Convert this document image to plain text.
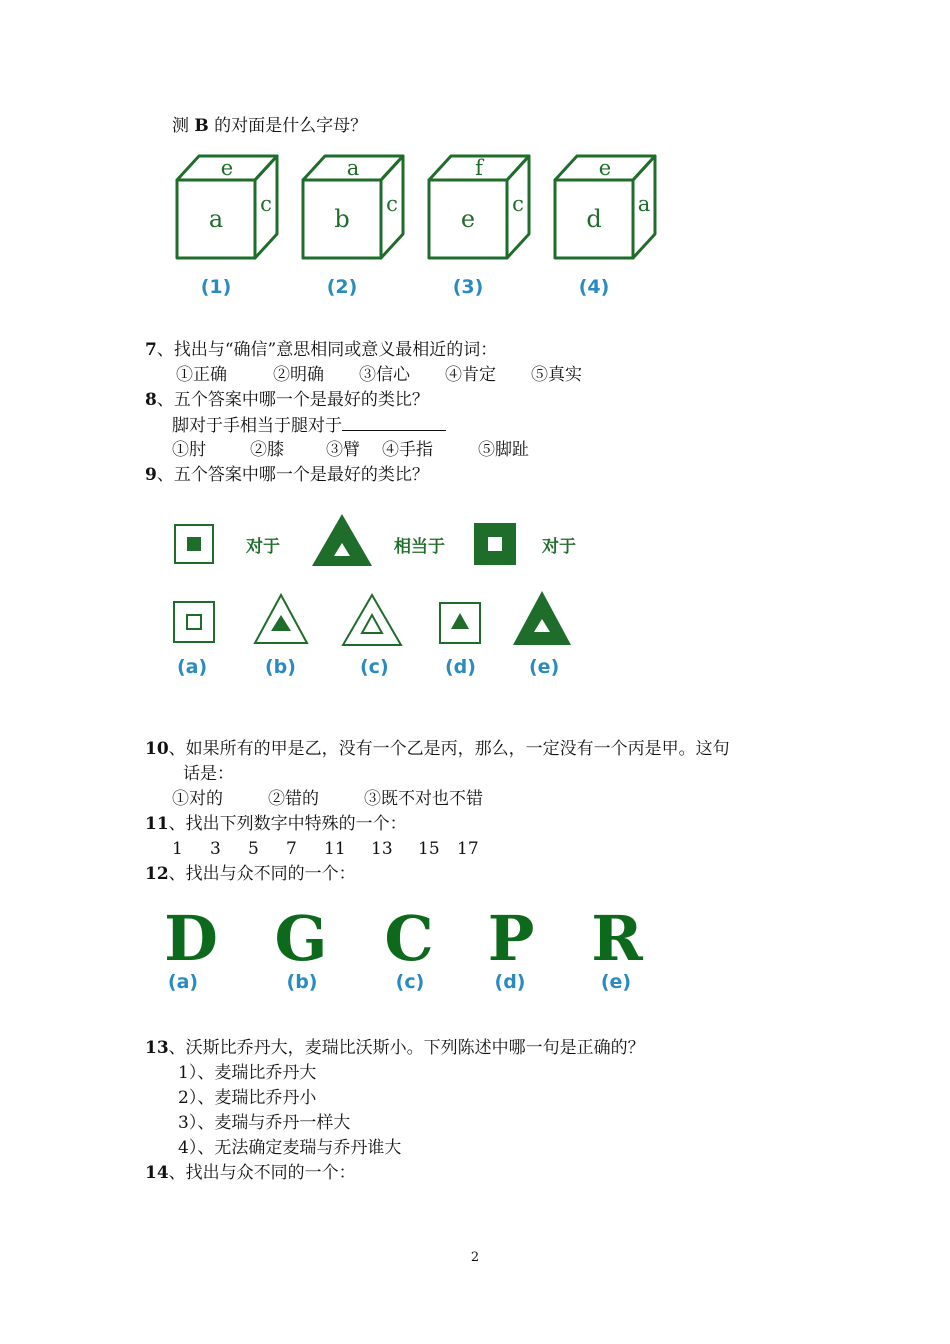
测 B 的对面是什么字母？
e
a
c
(1)
a
b
c
(2)
f
e
c
(3)
e
d
a
(4)
7、找出与“确信”意思相同或意义最相近的词：
①正确	②明确 ③信心 ④肯定 ⑤真实
8、五个答案中哪一个是最好的类比？
脚对于手相当于腿对于
①肘	②膝 ③臂 ④手指	⑤脚趾
9、五个答案中哪一个是最好的类比？
对于	相当于	对于
(a)	(b)	(c)	(d)	(e)
10、如果所有的甲是乙，没有一个乙是丙，那么，一定没有一个丙是甲。这句
话是：
①对的	②错的	③既不对也不错
11、找出下列数字中特殊的一个：
1 3 5 7 11 13 15 17
12、找出与众不同的一个：
D G C P R
(a)	(b)	(c)	(d)	(e)
13、沃斯比乔丹大，麦瑞比沃斯小。下列陈述中哪一句是正确的？
1）、麦瑞比乔丹大
2）、麦瑞比乔丹小
3）、麦瑞与乔丹一样大
4）、无法确定麦瑞与乔丹谁大
14、找出与众不同的一个：
2
